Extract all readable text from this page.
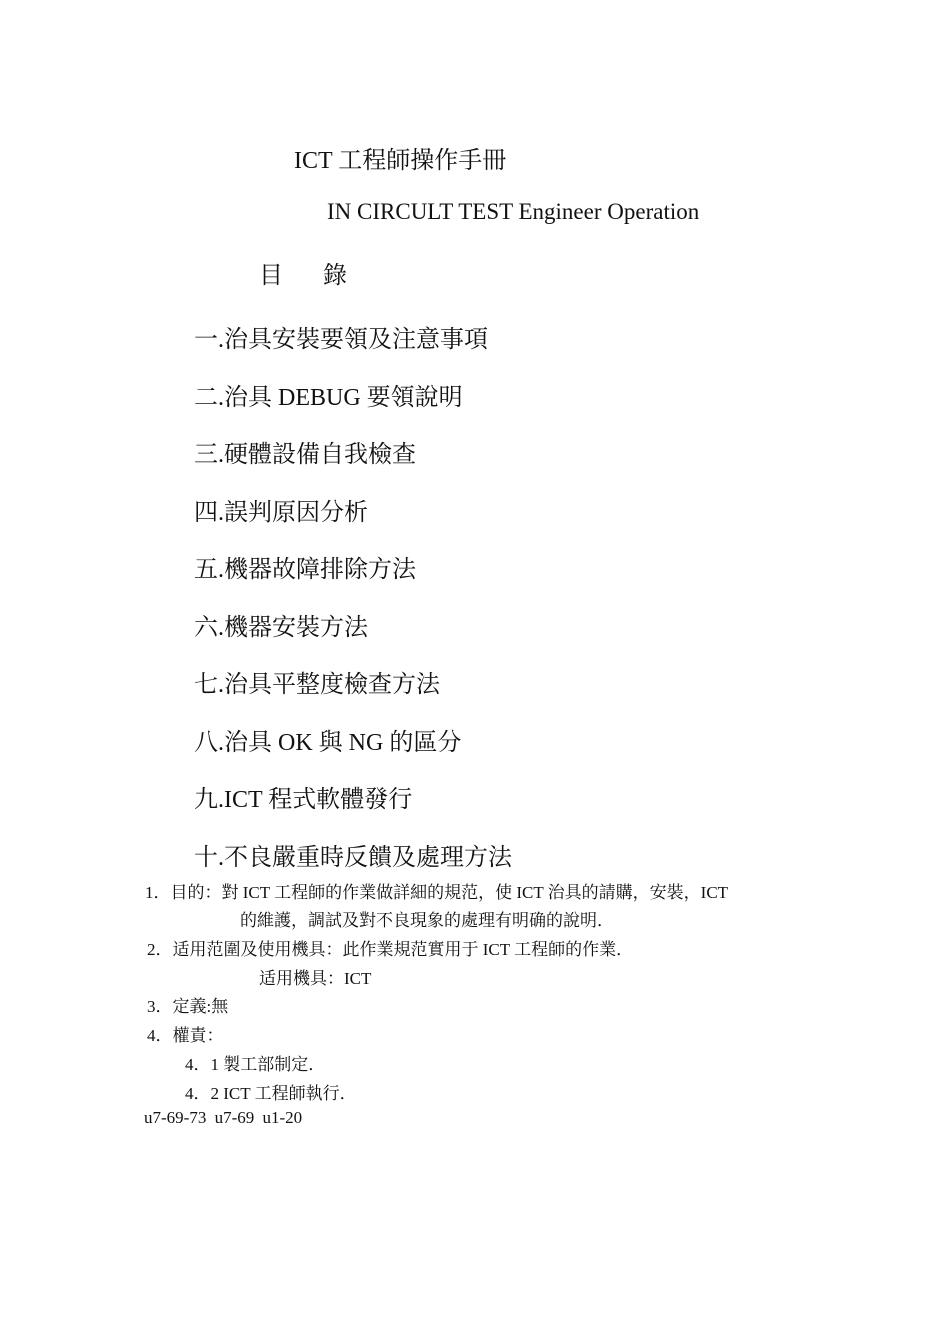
ICT 工程師操作手冊
IN CIRCULT TEST Engineer Operation
目錄
一.治具安裝要領及注意事項
二.治具 DEBUG 要領說明
三.硬體設備自我檢查
四.誤判原因分析
五.機器故障排除方法
六.機器安裝方法
七.治具平整度檢查方法
八.治具 OK 與 NG 的區分
九.ICT 程式軟體發行
十.不良嚴重時反饋及處理方法
1．目的：對 ICT 工程師的作業做詳細的規范，使 ICT 治具的請購，安裝，ICT
的維護，調試及對不良現象的處理有明确的說明．
2．适用范圍及使用機具：此作業規范實用于 ICT 工程師的作業．
适用機具：ICT
3．定義:無
4．權責：
4．1 製工部制定．
4．2 ICT 工程師執行．
u7-69-73 u7-69 u1-20
